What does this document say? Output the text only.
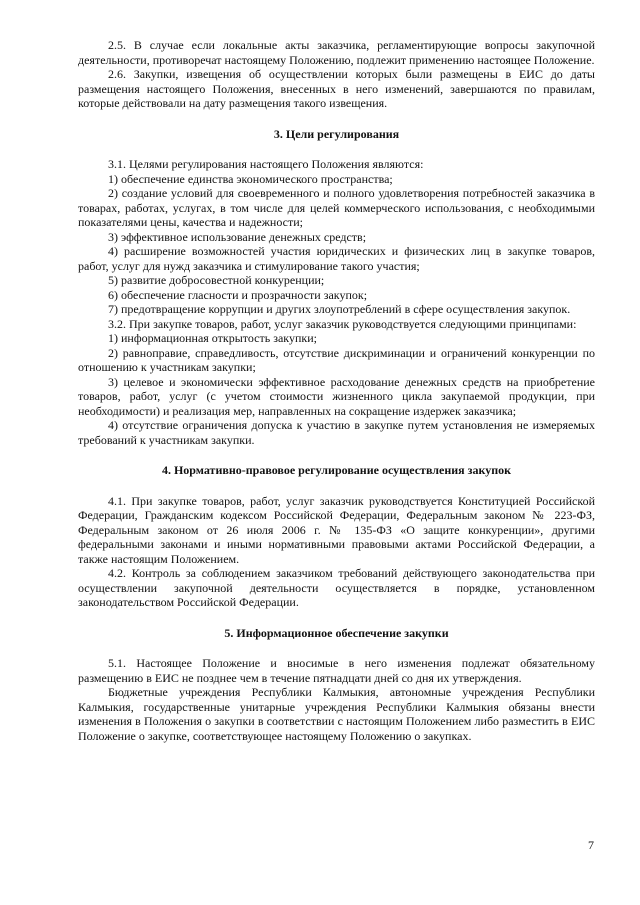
2.5. В случае если локальные акты заказчика, регламентирующие вопросы закупочной деятельности, противоречат настоящему Положению, подлежит применению настоящее Положение.

2.6. Закупки, извещения об осуществлении которых были размещены в ЕИС до даты размещения настоящего Положения, внесенных в него изменений, завершаются по правилам, которые действовали на дату размещения такого извещения.

3. Цели регулирования

3.1. Целями регулирования настоящего Положения являются:

1) обеспечение единства экономического пространства;

2) создание условий для своевременного и полного удовлетворения потребностей заказчика в товарах, работах, услугах, в том числе для целей коммерческого использования, с необходимыми показателями цены, качества и надежности;

3) эффективное использование денежных средств;

4) расширение возможностей участия юридических и физических лиц в закупке товаров, работ, услуг для нужд заказчика и стимулирование такого участия;

5) развитие добросовестной конкуренции;

6) обеспечение гласности и прозрачности закупок;

7) предотвращение коррупции и других злоупотреблений в сфере осуществления закупок.

3.2. При закупке товаров, работ, услуг заказчик руководствуется следующими принципами:

1) информационная открытость закупки;

2) равноправие, справедливость, отсутствие дискриминации и ограничений конкуренции по отношению к участникам закупки;

3) целевое и экономически эффективное расходование денежных средств на приобретение товаров, работ, услуг (с учетом стоимости жизненного цикла закупаемой продукции, при необходимости) и реализация мер, направленных на сокращение издержек заказчика;

4) отсутствие ограничения допуска к участию в закупке путем установления не измеряемых требований к участникам закупки.

4. Нормативно-правовое регулирование осуществления закупок

4.1. При закупке товаров, работ, услуг заказчик руководствуется Конституцией Российской Федерации, Гражданским кодексом Российской Федерации, Федеральным законом № 223-ФЗ, Федеральным законом от 26 июля 2006 г. № 135-ФЗ «О защите конкуренции», другими федеральными законами и иными нормативными правовыми актами Российской Федерации, а также настоящим Положением.

4.2. Контроль за соблюдением заказчиком требований действующего законодательства при осуществлении закупочной деятельности осуществляется в порядке, установленном законодательством Российской Федерации.

5. Информационное обеспечение закупки

5.1. Настоящее Положение и вносимые в него изменения подлежат обязательному размещению в ЕИС не позднее чем в течение пятнадцати дней со дня их утверждения.

Бюджетные учреждения Республики Калмыкия, автономные учреждения Республики Калмыкия, государственные унитарные учреждения Республики Калмыкия обязаны внести изменения в Положения о закупки в соответствии с настоящим Положением либо разместить в ЕИС Положение о закупке, соответствующее настоящему Положению о закупках.

7
